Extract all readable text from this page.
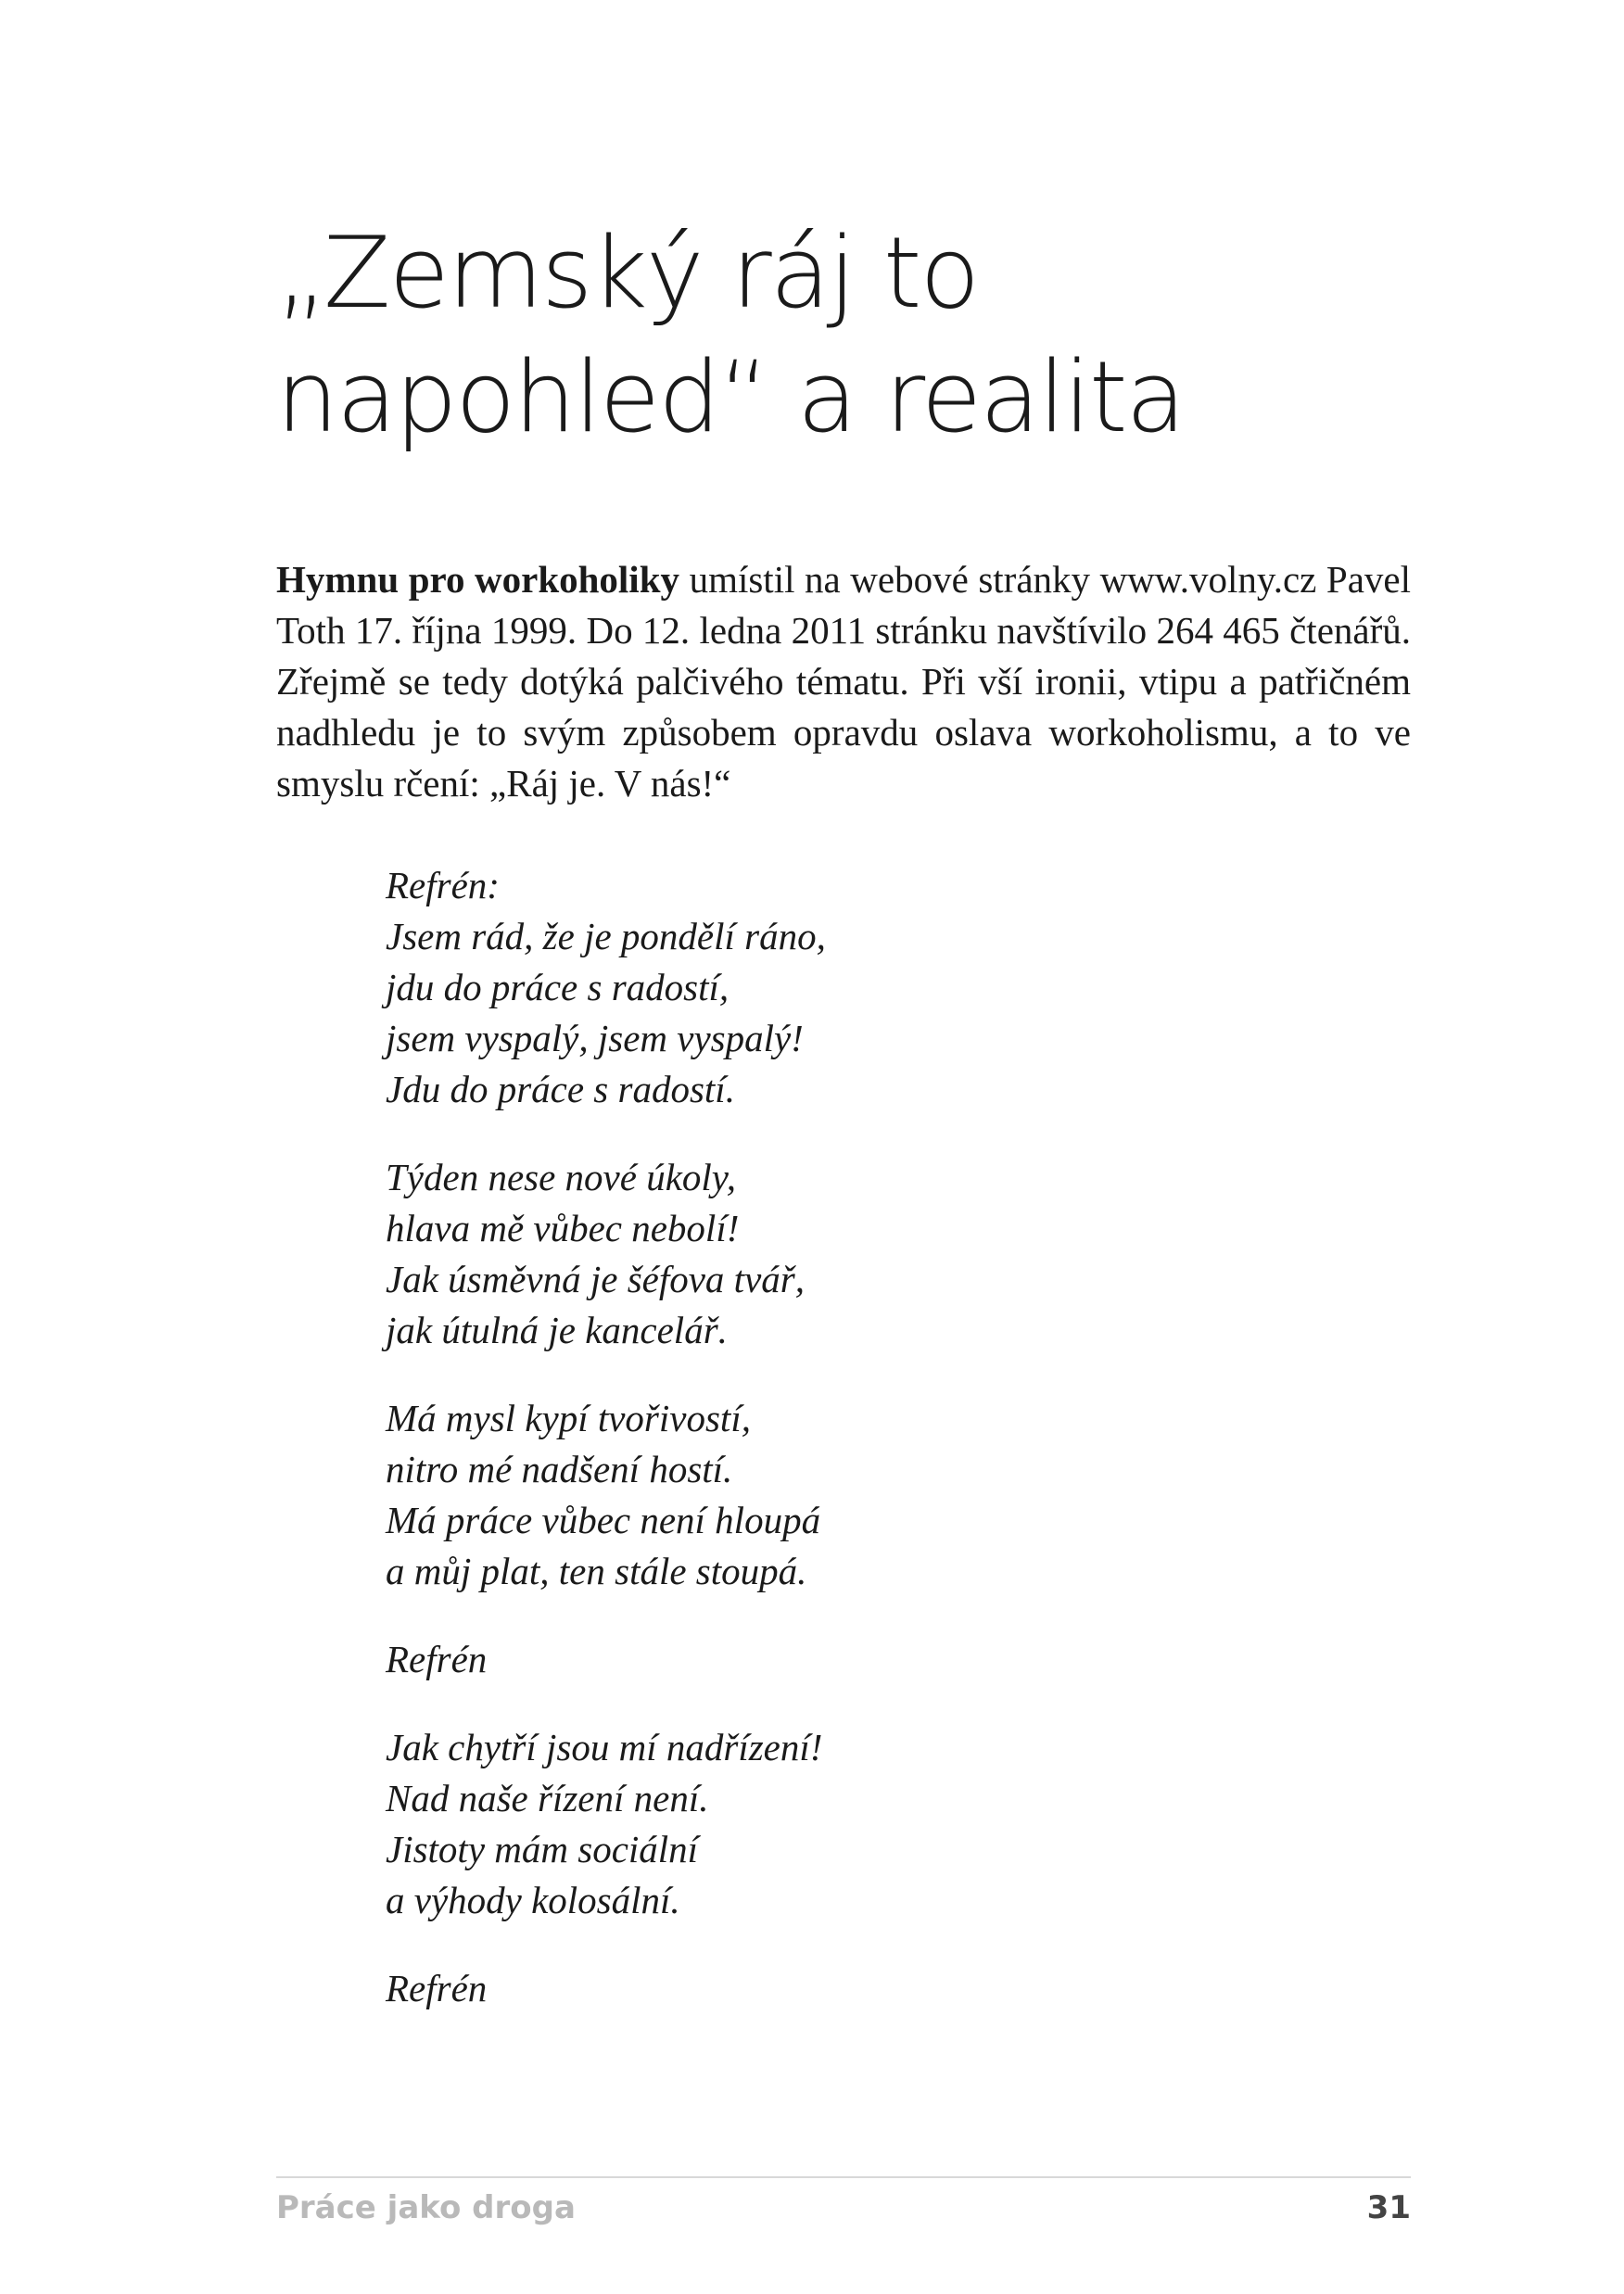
„Zemský ráj to
napohled“ a realita

Hymnu pro workoholiky umístil na webové stránky www.volny.cz Pavel Toth 17. října 1999. Do 12. ledna 2011 stránku navštívilo 264 465 čtenářů. Zřejmě se tedy dotýká palčivého tématu. Při vší ironii, vtipu a patřičném nadhledu je to svým způsobem opravdu oslava workoholismu, a to ve smyslu rčení: „Ráj je. V nás!“

Refrén:
Jsem rád, že je pondělí ráno,
jdu do práce s radostí,
jsem vyspalý, jsem vyspalý!
Jdu do práce s radostí.
Týden nese nové úkoly,
hlava mě vůbec nebolí!
Jak úsměvná je šéfova tvář,
jak útulná je kancelář.
Má mysl kypí tvořivostí,
nitro mé nadšení hostí.
Má práce vůbec není hloupá
a můj plat, ten stále stoupá.
Refrén
Jak chytří jsou mí nadřízení!
Nad naše řízení není.
Jistoty mám sociální
a výhody kolosální.
Refrén
Práce jako droga	31
